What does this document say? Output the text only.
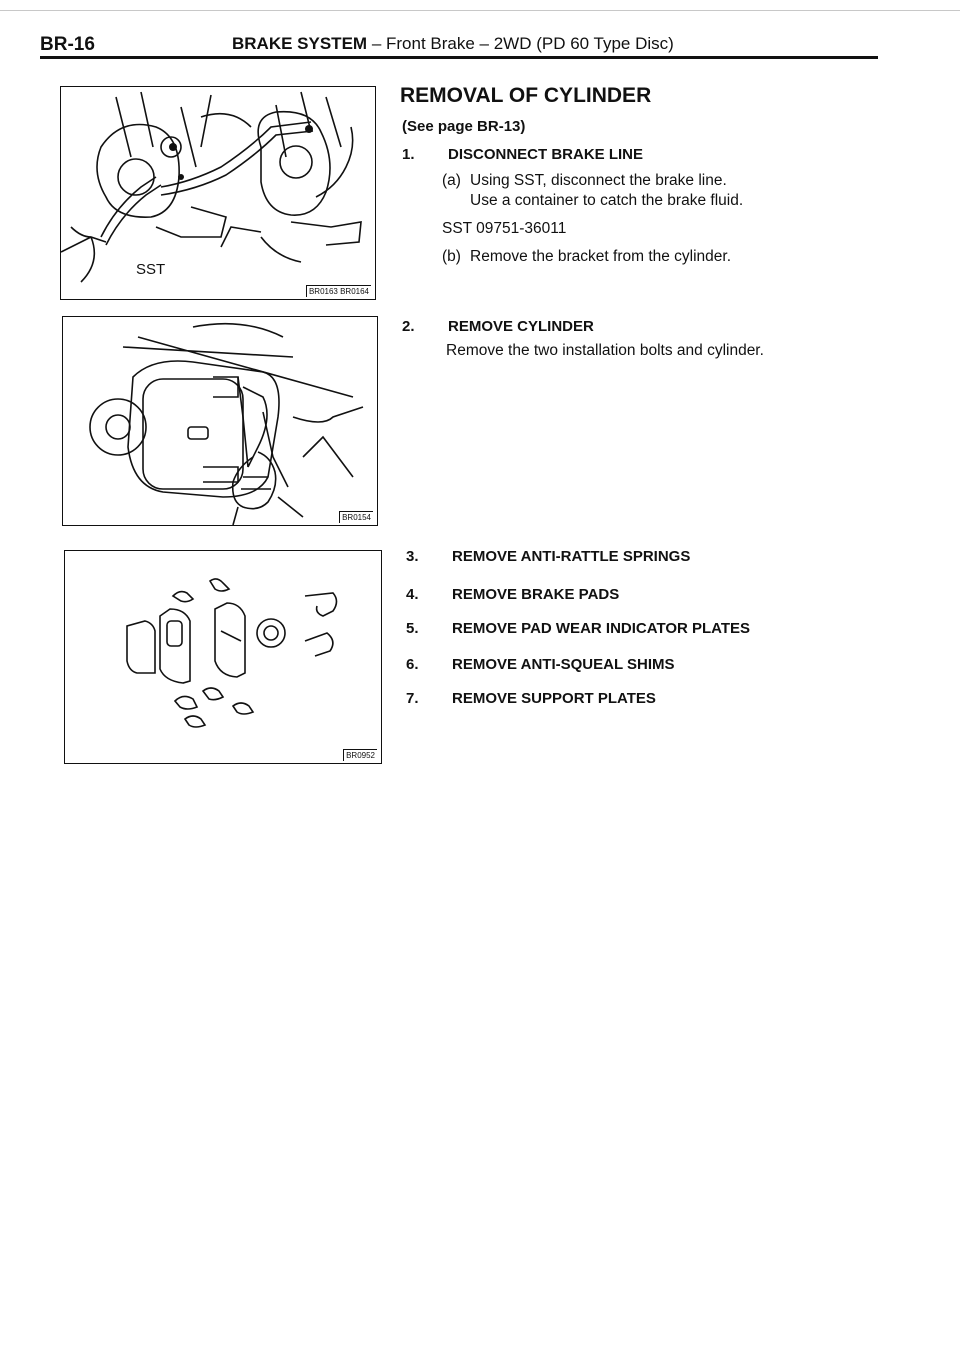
BR-16	BRAKE SYSTEM – Front Brake – 2WD (PD 60 Type Disc)
SST
BR0163 BR0164
BR0154
BR0952
REMOVAL OF CYLINDER
(See page BR-13)
1. DISCONNECT BRAKE LINE
(a) Using SST, disconnect the brake line.
Use a container to catch the brake fluid.
SST 09751-36011
(b) Remove the bracket from the cylinder.
2. REMOVE CYLINDER
Remove the two installation bolts and cylinder.
3. REMOVE ANTI-RATTLE SPRINGS
4. REMOVE BRAKE PADS
5. REMOVE PAD WEAR INDICATOR PLATES
6. REMOVE ANTI-SQUEAL SHIMS
7. REMOVE SUPPORT PLATES
